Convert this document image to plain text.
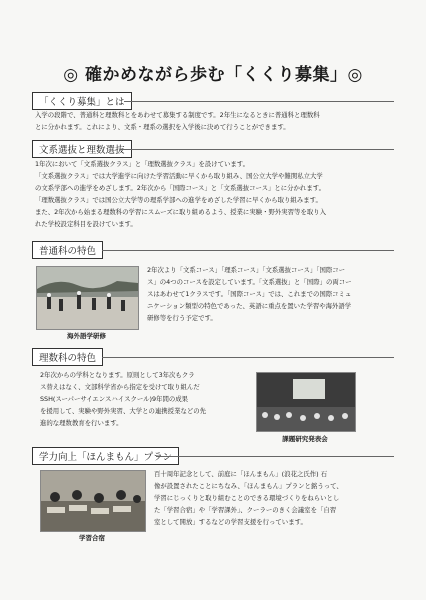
◎ 確かめながら歩む「くくり募集」◎
「くくり募集」とは
入学の段階で、普通科と理数科とをあわせて募集する制度です。2年生になるときに普通科と理数科
とに分かれます。これにより、文系・理系の選択を入学後に決めて行うことができます。
文系選抜と理数選抜
1年次において「文系選抜クラス」と「理数選抜クラス」を設けています。
「文系選抜クラス」では大学進学に向けた学習活動に早くから取り組み、国公立大学や難関私立大学
の文系学部への進学をめざします。2年次から「国際コース」と「文系選抜コース」とに分かれます。
「理数選抜クラス」では国公立大学等の理系学部への進学をめざした学習に早くから取り組みます。
また、2年次から始まる理数科の学習にスムーズに取り組めるよう、授業に実験・野外実習等を取り入
れた学校設定科目を設けています。
普通科の特色
海外語学研修
2年次より「文系コース」「理系コース」「文系選抜コース」「国際コー
ス」の4つのコースを設定しています。「文系選抜」と「国際」の両コー
スはあわせて1クラスです。「国際コース」では、これまでの国際コミュ
ニケーション類型の特色であった、英語に重点を置いた学習や海外語学
研修等を行う予定です。
理数科の特色
2年次からの学科となります。原則として3年次もクラ
ス替えはなく、文部科学省から指定を受けて取り組んだ
SSH(スーパーサイエンスハイスクール)9年間の成果
を援用して、実験や野外実習、大学との連携授業などの先
進的な理数教育を行います。
課題研究発表会
学力向上「ほんまもん」プラン
学習合宿
百十周年記念として、前庭に「ほんまもん」(浪花之氏作) 石
像が設置されたことにちなみ、「ほんまもん」プランと銘うって、
学習にじっくりと取り組むことのできる環境づくりをねらいとし
た「学習合宿」や「学習課外」、クーラーのきく会議室を「自習
室として開放」するなどの学習支援を行っています。
